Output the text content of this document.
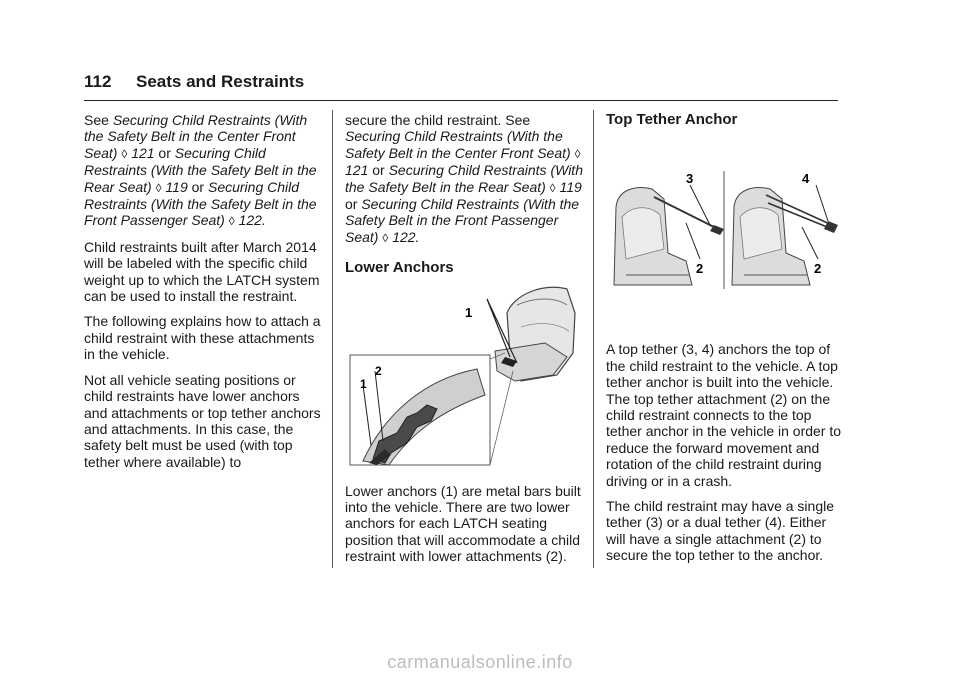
112 Seats and Restraints

See Securing Child Restraints (With the Safety Belt in the Center Front Seat) ◊ 121 or Securing Child Restraints (With the Safety Belt in the Rear Seat) ◊ 119 or Securing Child Restraints (With the Safety Belt in the Front Passenger Seat) ◊ 122.

Child restraints built after March 2014 will be labeled with the specific child weight up to which the LATCH system can be used to install the restraint.

The following explains how to attach a child restraint with these attachments in the vehicle.

Not all vehicle seating positions or child restraints have lower anchors and attachments or top tether anchors and attachments. In this case, the safety belt must be used (with top tether where available) to

secure the child restraint. See Securing Child Restraints (With the Safety Belt in the Center Front Seat) ◊ 121 or Securing Child Restraints (With the Safety Belt in the Rear Seat) ◊ 119 or Securing Child Restraints (With the Safety Belt in the Front Passenger Seat) ◊ 122.

Lower Anchors

Lower anchors (1) are metal bars built into the vehicle. There are two lower anchors for each LATCH seating position that will accommodate a child restraint with lower attachments (2).

1
2
1
Top Tether Anchor

A top tether (3, 4) anchors the top of the child restraint to the vehicle. A top tether anchor is built into the vehicle. The top tether attachment (2) on the child restraint connects to the top tether anchor in the vehicle in order to reduce the forward movement and rotation of the child restraint during driving or in a crash.

The child restraint may have a single tether (3) or a dual tether (4). Either will have a single attachment (2) to secure the top tether to the anchor.

3
2
4
2
carmanualsonline.info
